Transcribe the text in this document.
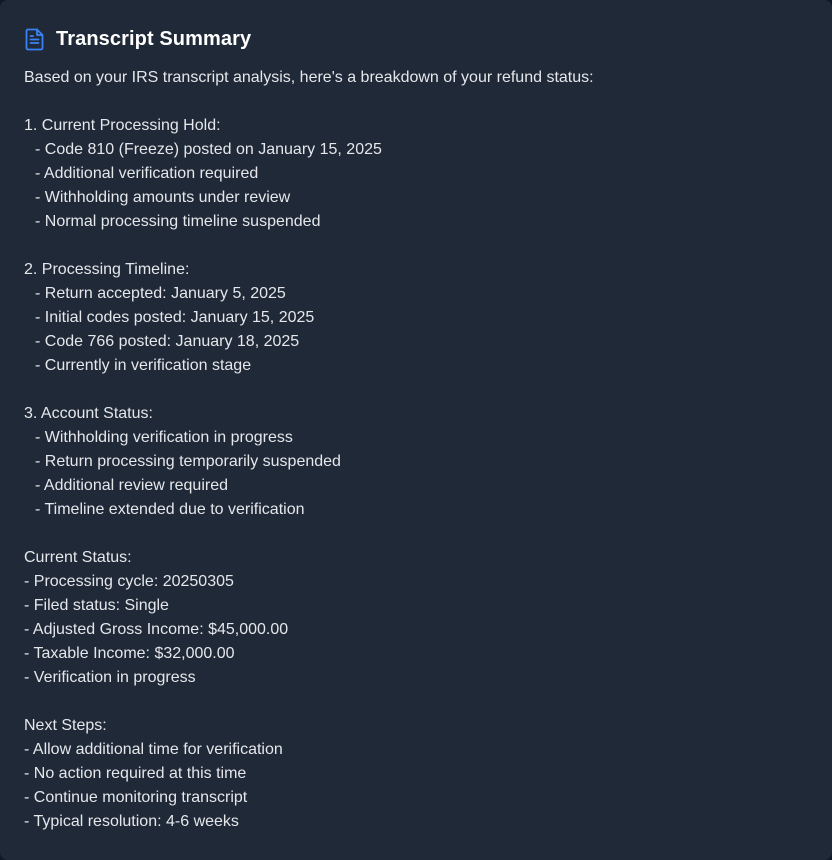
Transcript Summary
Based on your IRS transcript analysis, here's a breakdown of your refund status:
1. Current Processing Hold:
- Code 810 (Freeze) posted on January 15, 2025
- Additional verification required
- Withholding amounts under review
- Normal processing timeline suspended
2. Processing Timeline:
- Return accepted: January 5, 2025
- Initial codes posted: January 15, 2025
- Code 766 posted: January 18, 2025
- Currently in verification stage
3. Account Status:
- Withholding verification in progress
- Return processing temporarily suspended
- Additional review required
- Timeline extended due to verification
Current Status:
- Processing cycle: 20250305
- Filed status: Single
- Adjusted Gross Income: $45,000.00
- Taxable Income: $32,000.00
- Verification in progress
Next Steps:
- Allow additional time for verification
- No action required at this time
- Continue monitoring transcript
- Typical resolution: 4-6 weeks
